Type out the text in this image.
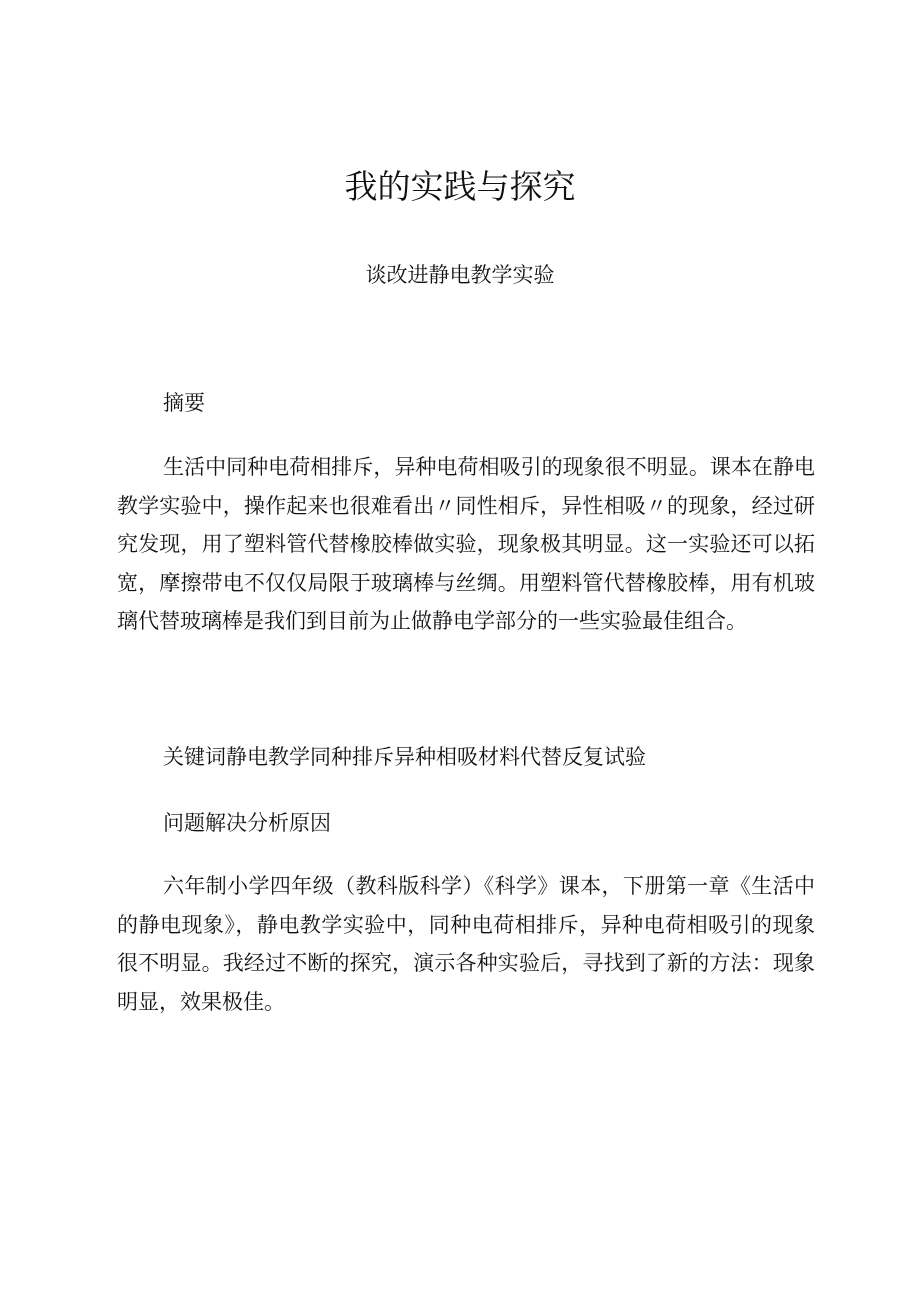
我的实践与探究
谈改进静电教学实验

摘要

生活中同种电荷相排斥，异种电荷相吸引的现象很不明显。课本在静电教学实验中，操作起来也很难看出〃同性相斥，异性相吸〃的现象，经过研究发现，用了塑料管代替橡胶棒做实验，现象极其明显。这一实验还可以拓宽，摩擦带电不仅仅局限于玻璃棒与丝绸。用塑料管代替橡胶棒，用有机玻璃代替玻璃棒是我们到目前为止做静电学部分的一些实验最佳组合。

关键词静电教学同种排斥异种相吸材料代替反复试验

问题解决分析原因

六年制小学四年级（教科版科学）《科学》课本，下册第一章《生活中的静电现象》，静电教学实验中，同种电荷相排斥，异种电荷相吸引的现象很不明显。我经过不断的探究，演示各种实验后，寻找到了新的方法：现象明显，效果极佳。
